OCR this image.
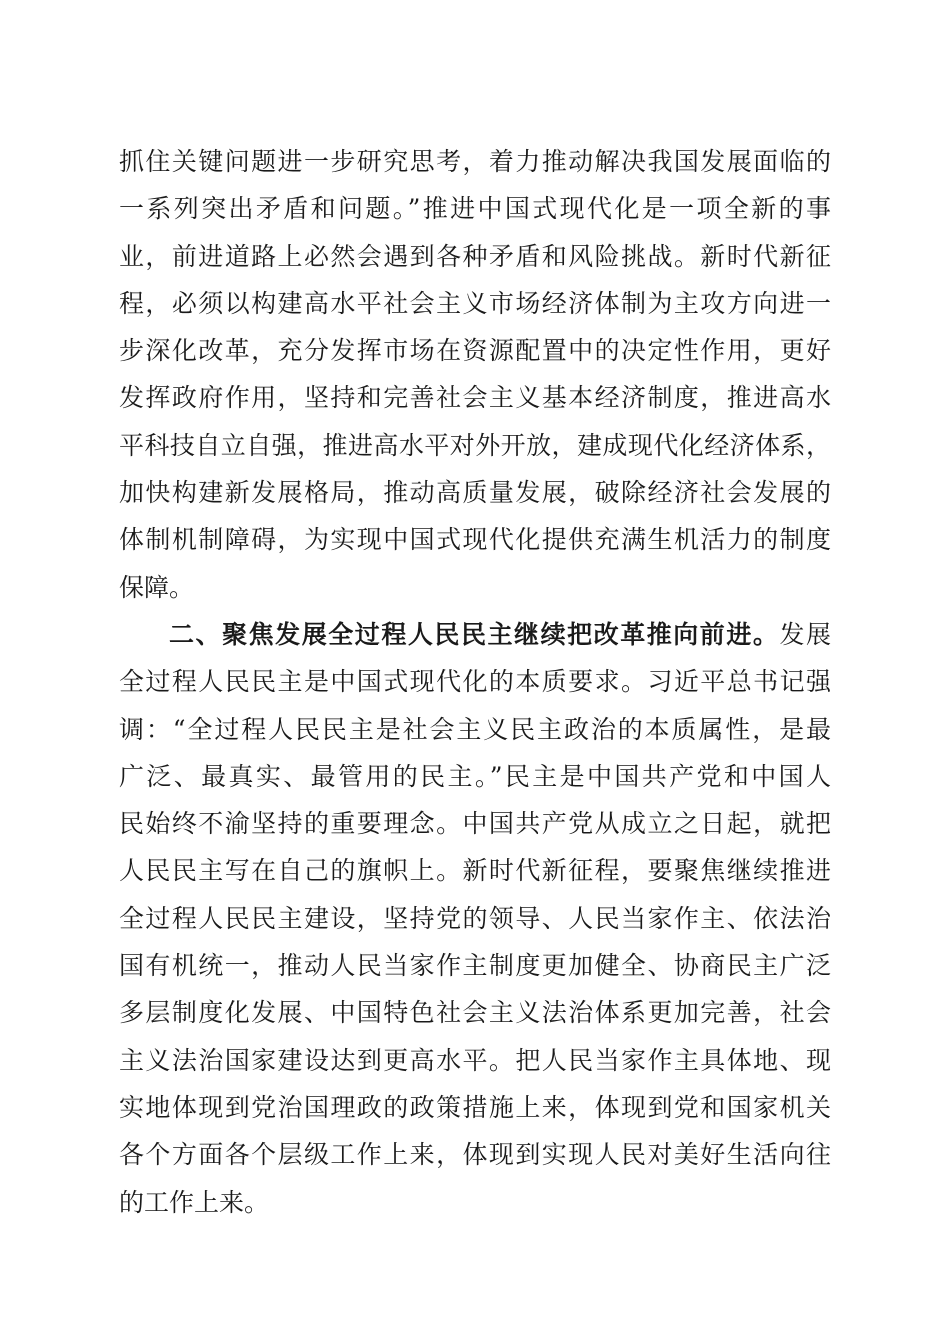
抓住关键问题进一步研究思考，着力推动解决我国发展面临的
一系列突出矛盾和问题。”推进中国式现代化是一项全新的事
业，前进道路上必然会遇到各种矛盾和风险挑战。新时代新征
程，必须以构建高水平社会主义市场经济体制为主攻方向进一
步深化改革，充分发挥市场在资源配置中的决定性作用，更好
发挥政府作用，坚持和完善社会主义基本经济制度，推进高水
平科技自立自强，推进高水平对外开放，建成现代化经济体系，
加快构建新发展格局，推动高质量发展，破除经济社会发展的
体制机制障碍，为实现中国式现代化提供充满生机活力的制度
保障。
二、聚焦发展全过程人民民主继续把改革推向前进。发展
全过程人民民主是中国式现代化的本质要求。习近平总书记强
调：“全过程人民民主是社会主义民主政治的本质属性，是最
广泛、最真实、最管用的民主。”民主是中国共产党和中国人
民始终不渝坚持的重要理念。中国共产党从成立之日起，就把
人民民主写在自己的旗帜上。新时代新征程，要聚焦继续推进
全过程人民民主建设，坚持党的领导、人民当家作主、依法治
国有机统一，推动人民当家作主制度更加健全、协商民主广泛
多层制度化发展、中国特色社会主义法治体系更加完善，社会
主义法治国家建设达到更高水平。把人民当家作主具体地、现
实地体现到党治国理政的政策措施上来，体现到党和国家机关
各个方面各个层级工作上来，体现到实现人民对美好生活向往
的工作上来。
